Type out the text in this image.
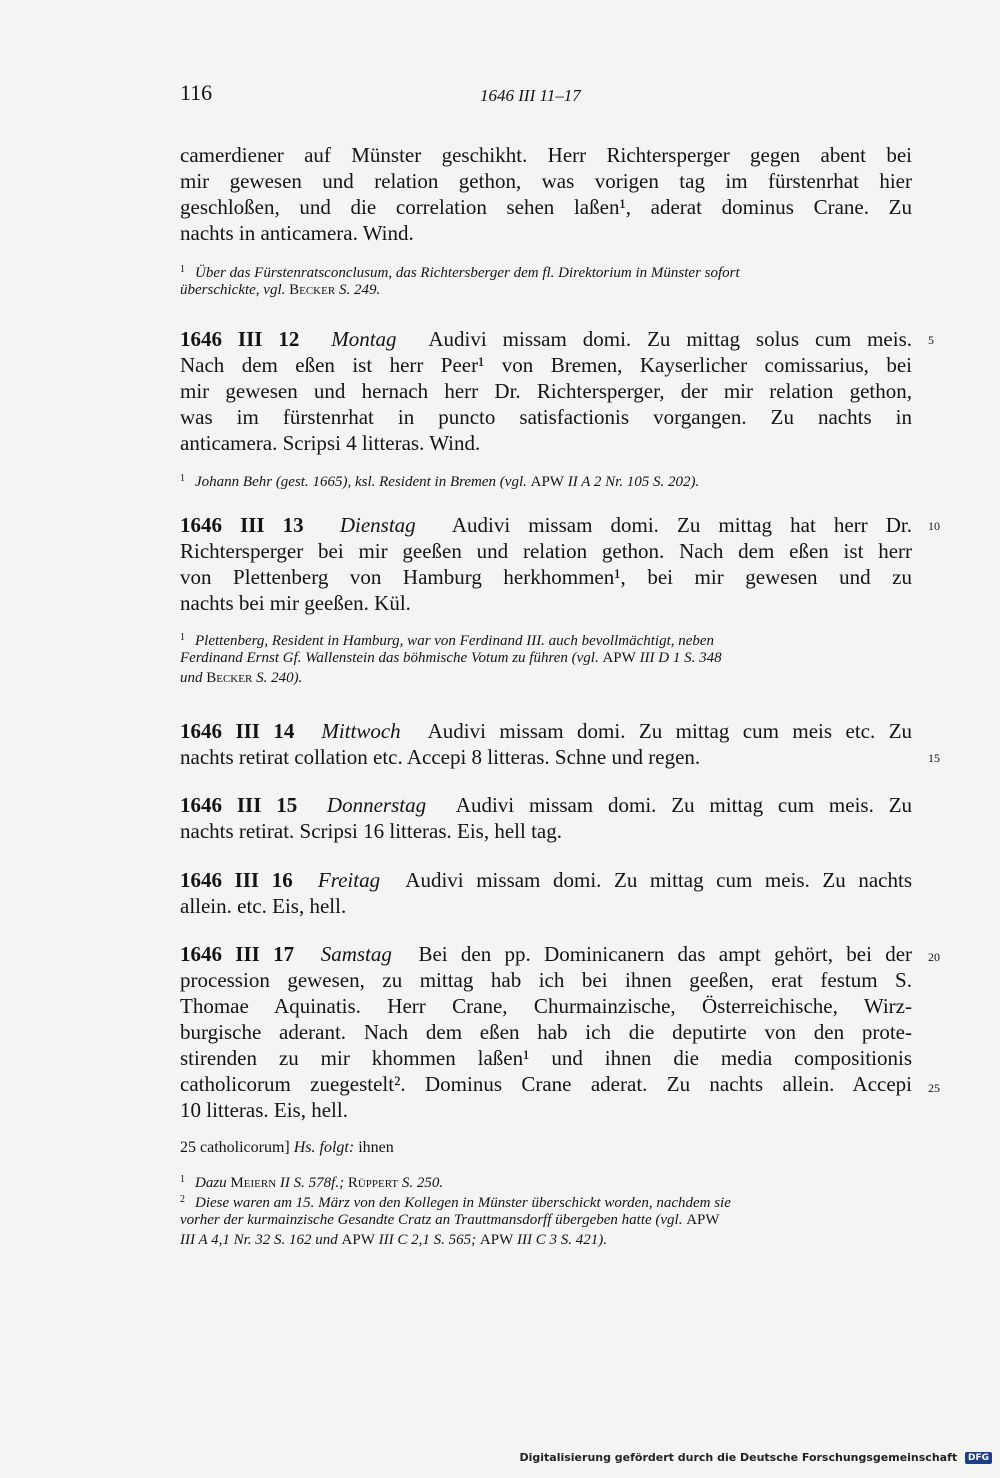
116	1646 III 11–17
camerdiener auf Münster geschikht. Herr Richtersperger gegen abent bei
mir gewesen und relation gethon, was vorigen tag im fürstenrhat hier
geschloßen, und die correlation sehen laßen¹, aderat dominus Crane. Zu
nachts in anticamera. Wind.
$^1$ Über das Fürstenratsconclusum, das Richtersberger dem fl. Direktorium in Münster sofort
überschickte, vgl. Becker S. 249.
1646 III 12 Montag Audivi missam domi. Zu mittag solus cum meis.
Nach dem eßen ist herr Peer¹ von Bremen, Kayserlicher comissarius, bei
mir gewesen und hernach herr Dr. Richtersperger, der mir relation gethon,
was im fürstenrhat in puncto satisfactionis vorgangen. Zu nachts in
anticamera. Scripsi 4 litteras. Wind.
$^1$ Johann Behr (gest. 1665), ksl. Resident in Bremen (vgl. APW II A 2 Nr. 105 S. 202).
1646 III 13 Dienstag Audivi missam domi. Zu mittag hat herr Dr.
Richtersperger bei mir geeßen und relation gethon. Nach dem eßen ist herr
von Plettenberg von Hamburg herkhommen¹, bei mir gewesen und zu
nachts bei mir geeßen. Kül.
$^1$ Plettenberg, Resident in Hamburg, war von Ferdinand III. auch bevollmächtigt, neben
Ferdinand Ernst Gf. Wallenstein das böhmische Votum zu führen (vgl. APW III D 1 S. 348
und Becker S. 240).
1646 III 14 Mittwoch Audivi missam domi. Zu mittag cum meis etc. Zu
nachts retirat collation etc. Accepi 8 litteras. Schne und regen.
1646 III 15 Donnerstag Audivi missam domi. Zu mittag cum meis. Zu
nachts retirat. Scripsi 16 litteras. Eis, hell tag.
1646 III 16 Freitag Audivi missam domi. Zu mittag cum meis. Zu nachts
allein. etc. Eis, hell.
1646 III 17 Samstag Bei den pp. Dominicanern das ampt gehört, bei der
procession gewesen, zu mittag hab ich bei ihnen geeßen, erat festum S.
Thomae Aquinatis. Herr Crane, Churmainzische, Österreichische, Wirz-
burgische aderant. Nach dem eßen hab ich die deputirte von den prote-
stirenden zu mir khommen laßen¹ und ihnen die media compositionis
catholicorum zuegestelt². Dominus Crane aderat. Zu nachts allein. Accepi
10 litteras. Eis, hell.
25 catholicorum] Hs. folgt: ihnen
$^1$ Dazu Meiern II S. 578f.; Rüppert S. 250.
$^2$ Diese waren am 15. März von den Kollegen in Münster überschickt worden, nachdem sie
vorher der kurmainzische Gesandte Cratz an Trauttmansdorff übergeben hatte (vgl. APW
III A 4,1 Nr. 32 S. 162 und APW III C 2,1 S. 565; APW III C 3 S. 421).
5
10
15
20
25
Digitalisierung gefördert durch die Deutsche Forschungsgemeinschaft DFG
